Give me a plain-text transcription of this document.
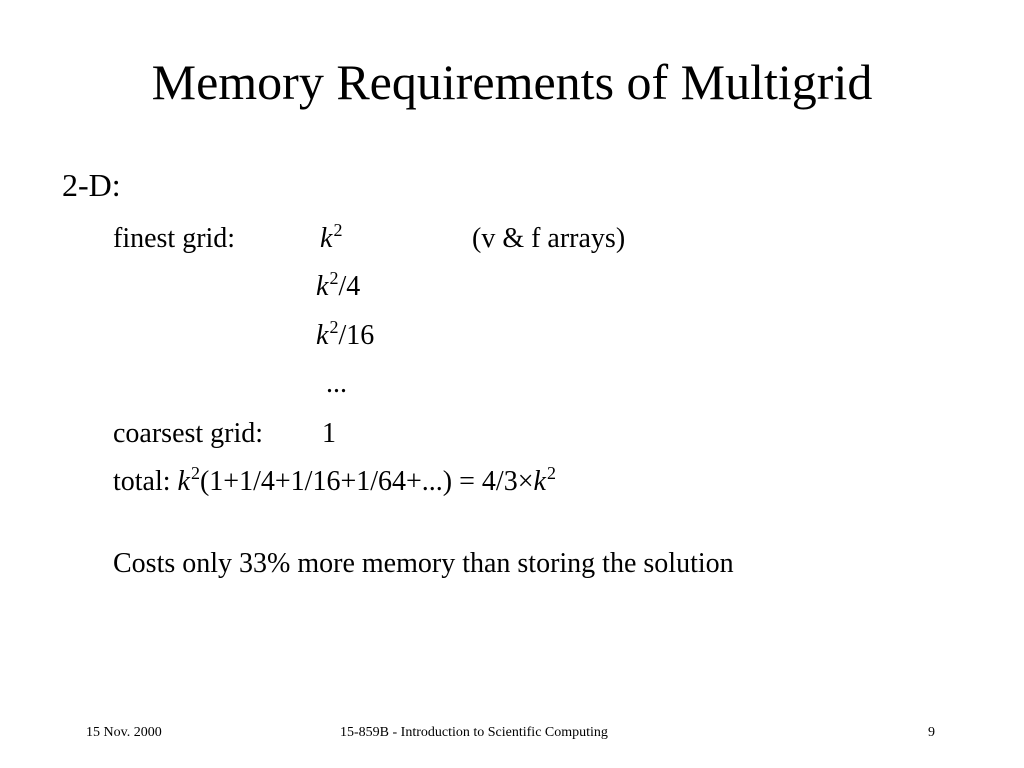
Memory Requirements of Multigrid
2-D:
finest grid:	$k^2$	(v & f arrays)
$k^2/4$
$k^2/16$
...
coarsest grid: 1
total: $k^2(1+1/4+1/16+1/64+...) = 4/3\times k^2$
Costs only 33% more memory than storing the solution
15 Nov. 2000	15-859B - Introduction to Scientific Computing	9
